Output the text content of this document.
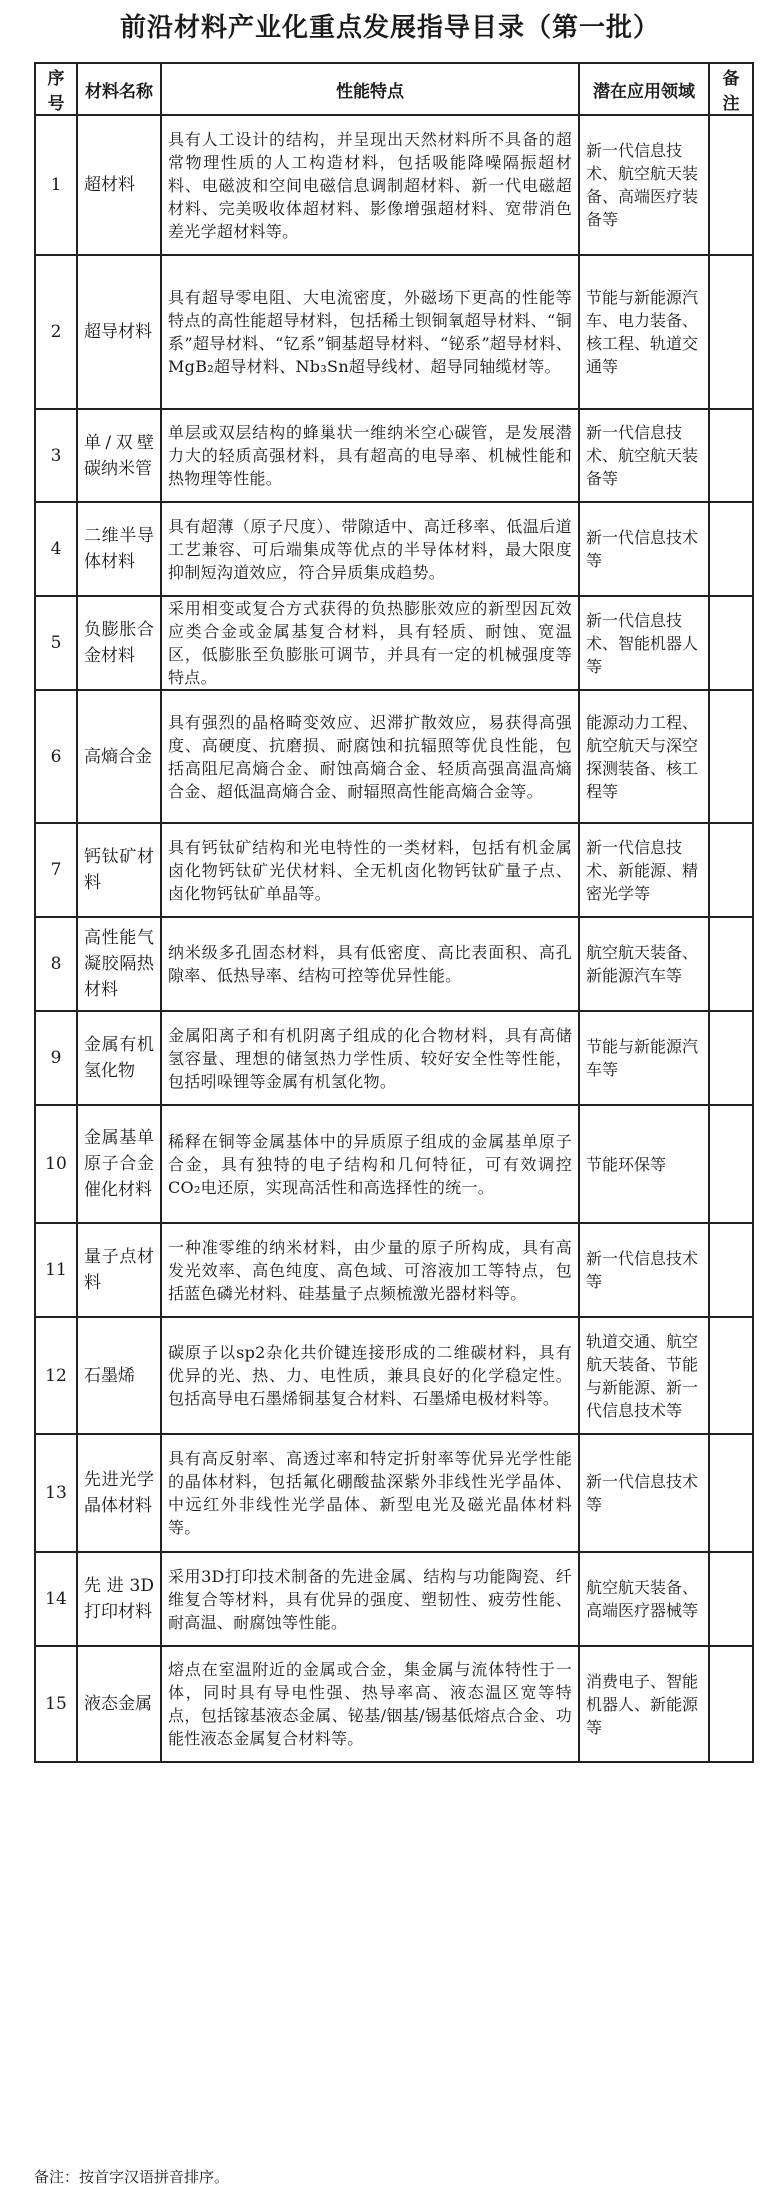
前沿材料产业化重点发展指导目录（第一批）
序号	材料名称	性能特点	潜在应用领域	备注
1	超材料	具有人工设计的结构，并呈现出天然材料所不具备的超常物理性质的人工构造材料，包括吸能降噪隔振超材料、电磁波和空间电磁信息调制超材料、新一代电磁超材料、完美吸收体超材料、影像增强超材料、宽带消色差光学超材料等。	新一代信息技术、航空航天装备、高端医疗装备等	
2	超导材料	具有超导零电阻、大电流密度，外磁场下更高的性能等特点的高性能超导材料，包括稀土钡铜氧超导材料、“铜系”超导材料、“钇系”铜基超导材料、“铋系”超导材料、MgB₂超导材料、Nb₃Sn超导线材、超导同轴缆材等。	节能与新能源汽车、电力装备、核工程、轨道交通等	
3	单/双壁碳纳米管	单层或双层结构的蜂巢状一维纳米空心碳管，是发展潜力大的轻质高强材料，具有超高的电导率、机械性能和热物理等性能。	新一代信息技术、航空航天装备等	
4	二维半导体材料	具有超薄（原子尺度）、带隙适中、高迁移率、低温后道工艺兼容、可后端集成等优点的半导体材料，最大限度抑制短沟道效应，符合异质集成趋势。	新一代信息技术等	
5	负膨胀合金材料	采用相变或复合方式获得的负热膨胀效应的新型因瓦效应类合金或金属基复合材料，具有轻质、耐蚀、宽温区，低膨胀至负膨胀可调节，并具有一定的机械强度等特点。	新一代信息技术、智能机器人等	
6	高熵合金	具有强烈的晶格畸变效应、迟滞扩散效应，易获得高强度、高硬度、抗磨损、耐腐蚀和抗辐照等优良性能，包括高阻尼高熵合金、耐蚀高熵合金、轻质高强高温高熵合金、超低温高熵合金、耐辐照高性能高熵合金等。	能源动力工程、航空航天与深空探测装备、核工程等	
7	钙钛矿材料	具有钙钛矿结构和光电特性的一类材料，包括有机金属卤化物钙钛矿光伏材料、全无机卤化物钙钛矿量子点、卤化物钙钛矿单晶等。	新一代信息技术、新能源、精密光学等	
8	高性能气凝胶隔热材料	纳米级多孔固态材料，具有低密度、高比表面积、高孔隙率、低热导率、结构可控等优异性能。	航空航天装备、新能源汽车等	
9	金属有机氢化物	金属阳离子和有机阴离子组成的化合物材料，具有高储氢容量、理想的储氢热力学性质、较好安全性等性能，包括吲哚锂等金属有机氢化物。	节能与新能源汽车等	
10	金属基单原子合金催化材料	稀释在铜等金属基体中的异质原子组成的金属基单原子合金，具有独特的电子结构和几何特征，可有效调控CO₂电还原，实现高活性和高选择性的统一。	节能环保等	
11	量子点材料	一种准零维的纳米材料，由少量的原子所构成，具有高发光效率、高色纯度、高色域、可溶液加工等特点，包括蓝色磷光材料、硅基量子点频梳激光器材料等。	新一代信息技术等	
12	石墨烯	碳原子以sp2杂化共价键连接形成的二维碳材料，具有优异的光、热、力、电性质，兼具良好的化学稳定性。包括高导电石墨烯铜基复合材料、石墨烯电极材料等。	轨道交通、航空航天装备、节能与新能源、新一代信息技术等	
13	先进光学晶体材料	具有高反射率、高透过率和特定折射率等优异光学性能的晶体材料，包括氟化硼酸盐深紫外非线性光学晶体、中远红外非线性光学晶体、新型电光及磁光晶体材料等。	新一代信息技术等	
14	先进3D打印材料	采用3D打印技术制备的先进金属、结构与功能陶瓷、纤维复合等材料，具有优异的强度、塑韧性、疲劳性能、耐高温、耐腐蚀等性能。	航空航天装备、高端医疗器械等	
15	液态金属	熔点在室温附近的金属或合金，集金属与流体特性于一体，同时具有导电性强、热导率高、液态温区宽等特点，包括镓基液态金属、铋基/铟基/锡基低熔点合金、功能性液态金属复合材料等。	消费电子、智能机器人、新能源等	
备注：按首字汉语拼音排序。
